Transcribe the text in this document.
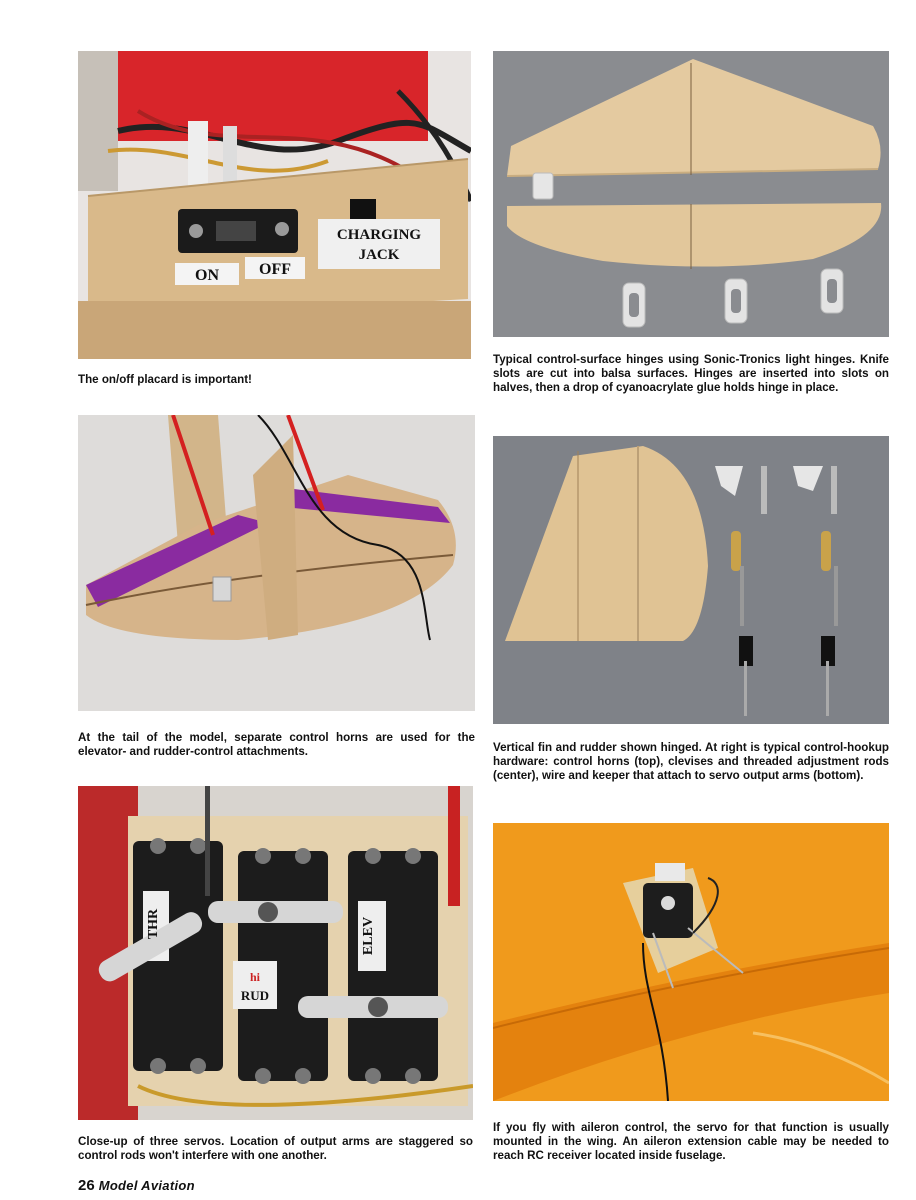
ON	OFF
CHARGING
JACK

The on/off placard is important!

Typical control-surface hinges using Sonic-Tronics light hinges. Knife slots are cut into balsa surfaces. Hinges are inserted into slots on halves, then a drop of cyanoacrylate glue holds hinge in place.

At the tail of the model, separate control horns are used for the elevator- and rudder-control attachments.	Vertical fin and rudder shown hinged. At right is typical control-hookup hardware: control horns (top), clevises and threaded adjustment rods (center), wire and keeper that attach to servo output arms (bottom).

THR
hi
RUD
ELEV

Close-up of three servos. Location of output arms are staggered so control rods won't interfere with one another.

If you fly with aileron control, the servo for that function is usually mounted in the wing. An aileron extension cable may be needed to reach RC receiver located inside fuselage.

26 Model Aviation
